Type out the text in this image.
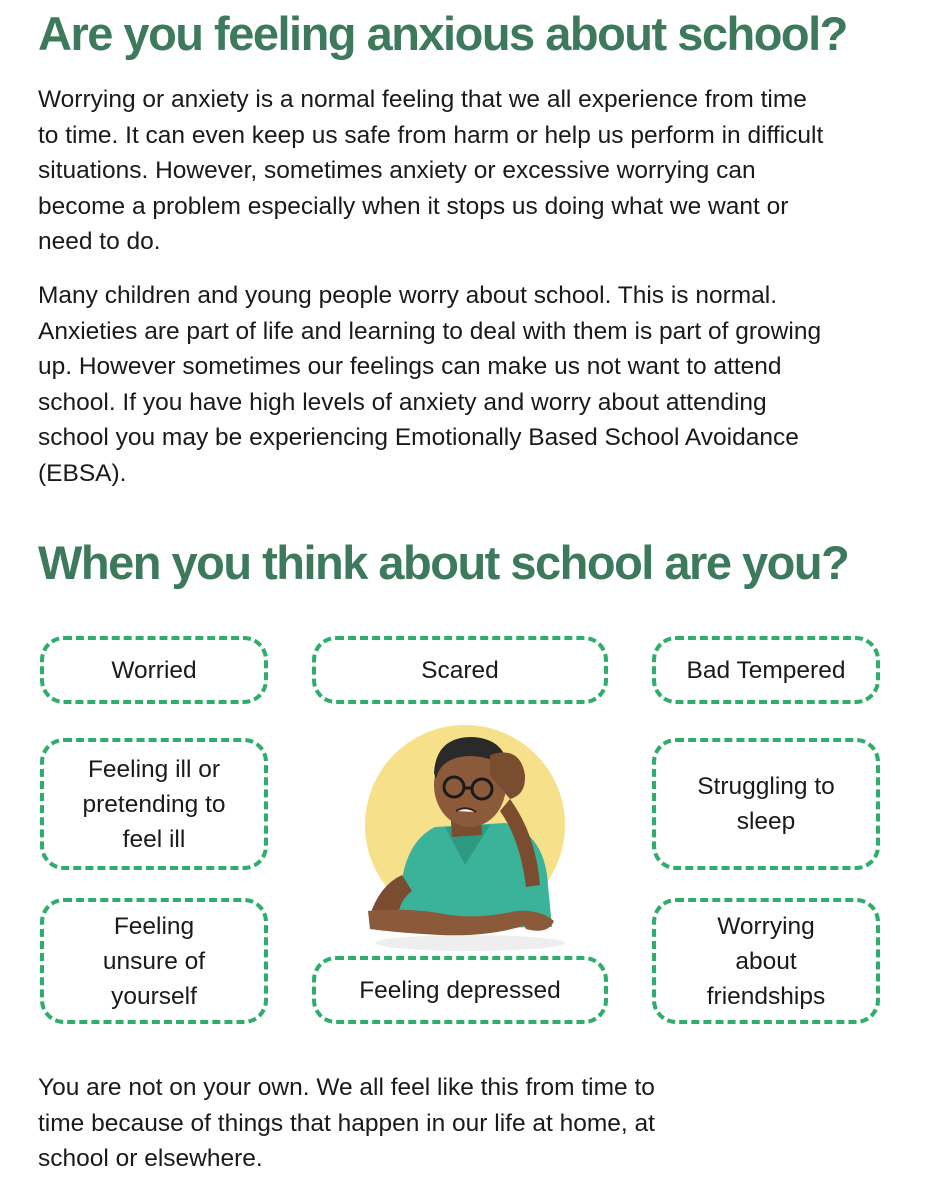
Are you feeling anxious about school?

Worrying or anxiety is a normal feeling that we all experience from time to time. It can even keep us safe from harm or help us perform in difficult situations. However, sometimes anxiety or excessive worrying can become a problem especially when it stops us doing what we want or need to do.

Many children and young people worry about school. This is normal. Anxieties are part of life and learning to deal with them is part of growing up. However sometimes our feelings can make us not want to attend school. If you have high levels of anxiety and worry about attending school you may be experiencing Emotionally Based School Avoidance (EBSA).

When you think about school are you?
Worried	Scared	Bad Tempered
Feeling ill or pretending to feel ill
Struggling to sleep
Feeling unsure of yourself	Feeling depressed
Worrying about friendships

You are not on your own. We all feel like this from time to time because of things that happen in our life at home, at school or elsewhere.
